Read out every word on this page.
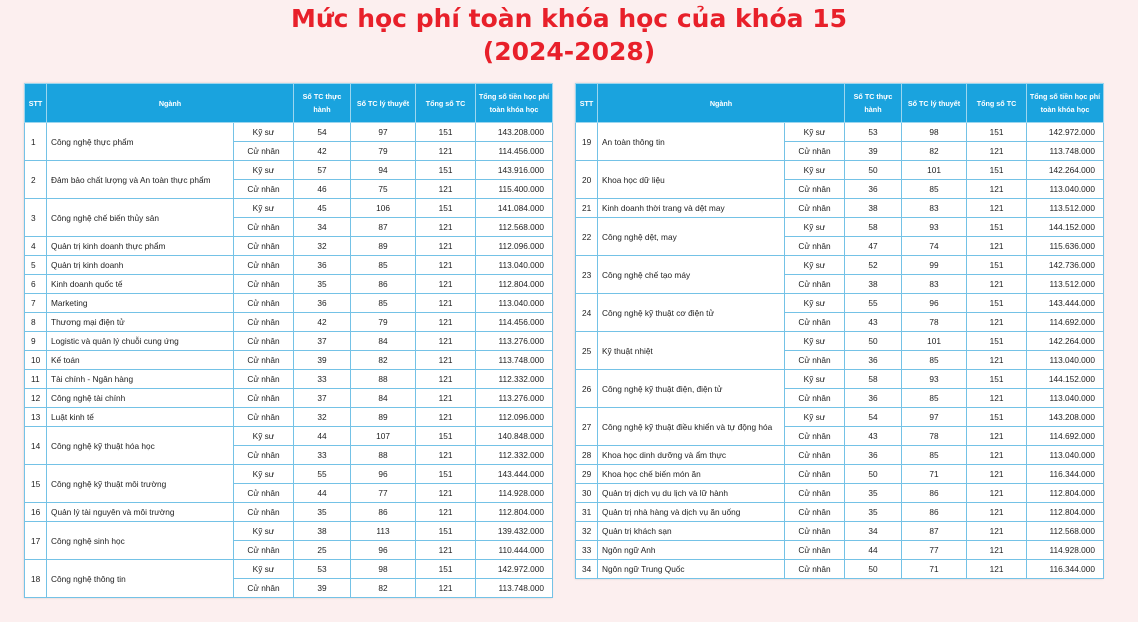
Mức học phí toàn khóa học của khóa 15
(2024-2028)
STT	Ngành		Số TC thực hành	Số TC lý thuyết	Tổng số TC	Tổng số tiền học phí toàn khóa học
1	Công nghệ thực phẩm	Kỹ sư	54	97	151	143.208.000
		Cử nhân	42	79	121	114.456.000
2	Đảm bảo chất lượng và An toàn thực phẩm	Kỹ sư	57	94	151	143.916.000
		Cử nhân	46	75	121	115.400.000
3	Công nghệ chế biến thủy sản	Kỹ sư	45	106	151	141.084.000
		Cử nhân	34	87	121	112.568.000
4	Quản trị kinh doanh thực phẩm	Cử nhân	32	89	121	112.096.000
5	Quản trị kinh doanh	Cử nhân	36	85	121	113.040.000
6	Kinh doanh quốc tế	Cử nhân	35	86	121	112.804.000
7	Marketing	Cử nhân	36	85	121	113.040.000
8	Thương mại điện tử	Cử nhân	42	79	121	114.456.000
9	Logistic và quản lý chuỗi cung ứng	Cử nhân	37	84	121	113.276.000
10	Kế toán	Cử nhân	39	82	121	113.748.000
11	Tài chính - Ngân hàng	Cử nhân	33	88	121	112.332.000
12	Công nghệ tài chính	Cử nhân	37	84	121	113.276.000
13	Luật kinh tế	Cử nhân	32	89	121	112.096.000
14	Công nghệ kỹ thuật hóa học	Kỹ sư	44	107	151	140.848.000
		Cử nhân	33	88	121	112.332.000
15	Công nghệ kỹ thuật môi trường	Kỹ sư	55	96	151	143.444.000
		Cử nhân	44	77	121	114.928.000
16	Quản lý tài nguyên và môi trường	Cử nhân	35	86	121	112.804.000
17	Công nghệ sinh học	Kỹ sư	38	113	151	139.432.000
		Cử nhân	25	96	121	110.444.000
18	Công nghệ thông tin	Kỹ sư	53	98	151	142.972.000
		Cử nhân	39	82	121	113.748.000
STT	Ngành		Số TC thực hành	Số TC lý thuyết	Tổng số TC	Tổng số tiền học phí toàn khóa học
19	An toàn thông tin	Kỹ sư	53	98	151	142.972.000
		Cử nhân	39	82	121	113.748.000
20	Khoa học dữ liệu	Kỹ sư	50	101	151	142.264.000
		Cử nhân	36	85	121	113.040.000
21	Kinh doanh thời trang và dệt may	Cử nhân	38	83	121	113.512.000
22	Công nghệ dệt, may	Kỹ sư	58	93	151	144.152.000
		Cử nhân	47	74	121	115.636.000
23	Công nghệ chế tạo máy	Kỹ sư	52	99	151	142.736.000
		Cử nhân	38	83	121	113.512.000
24	Công nghệ kỹ thuật cơ điện tử	Kỹ sư	55	96	151	143.444.000
		Cử nhân	43	78	121	114.692.000
25	Kỹ thuật nhiệt	Kỹ sư	50	101	151	142.264.000
		Cử nhân	36	85	121	113.040.000
26	Công nghệ kỹ thuật điện, điện tử	Kỹ sư	58	93	151	144.152.000
		Cử nhân	36	85	121	113.040.000
27	Công nghệ kỹ thuật điều khiển và tự động hóa	Kỹ sư	54	97	151	143.208.000
		Cử nhân	43	78	121	114.692.000
28	Khoa học dinh dưỡng và ẩm thực	Cử nhân	36	85	121	113.040.000
29	Khoa học chế biến món ăn	Cử nhân	50	71	121	116.344.000
30	Quản trị dịch vụ du lịch và lữ hành	Cử nhân	35	86	121	112.804.000
31	Quản trị nhà hàng và dịch vụ ăn uống	Cử nhân	35	86	121	112.804.000
32	Quản trị khách sạn	Cử nhân	34	87	121	112.568.000
33	Ngôn ngữ Anh	Cử nhân	44	77	121	114.928.000
34	Ngôn ngữ Trung Quốc	Cử nhân	50	71	121	116.344.000
